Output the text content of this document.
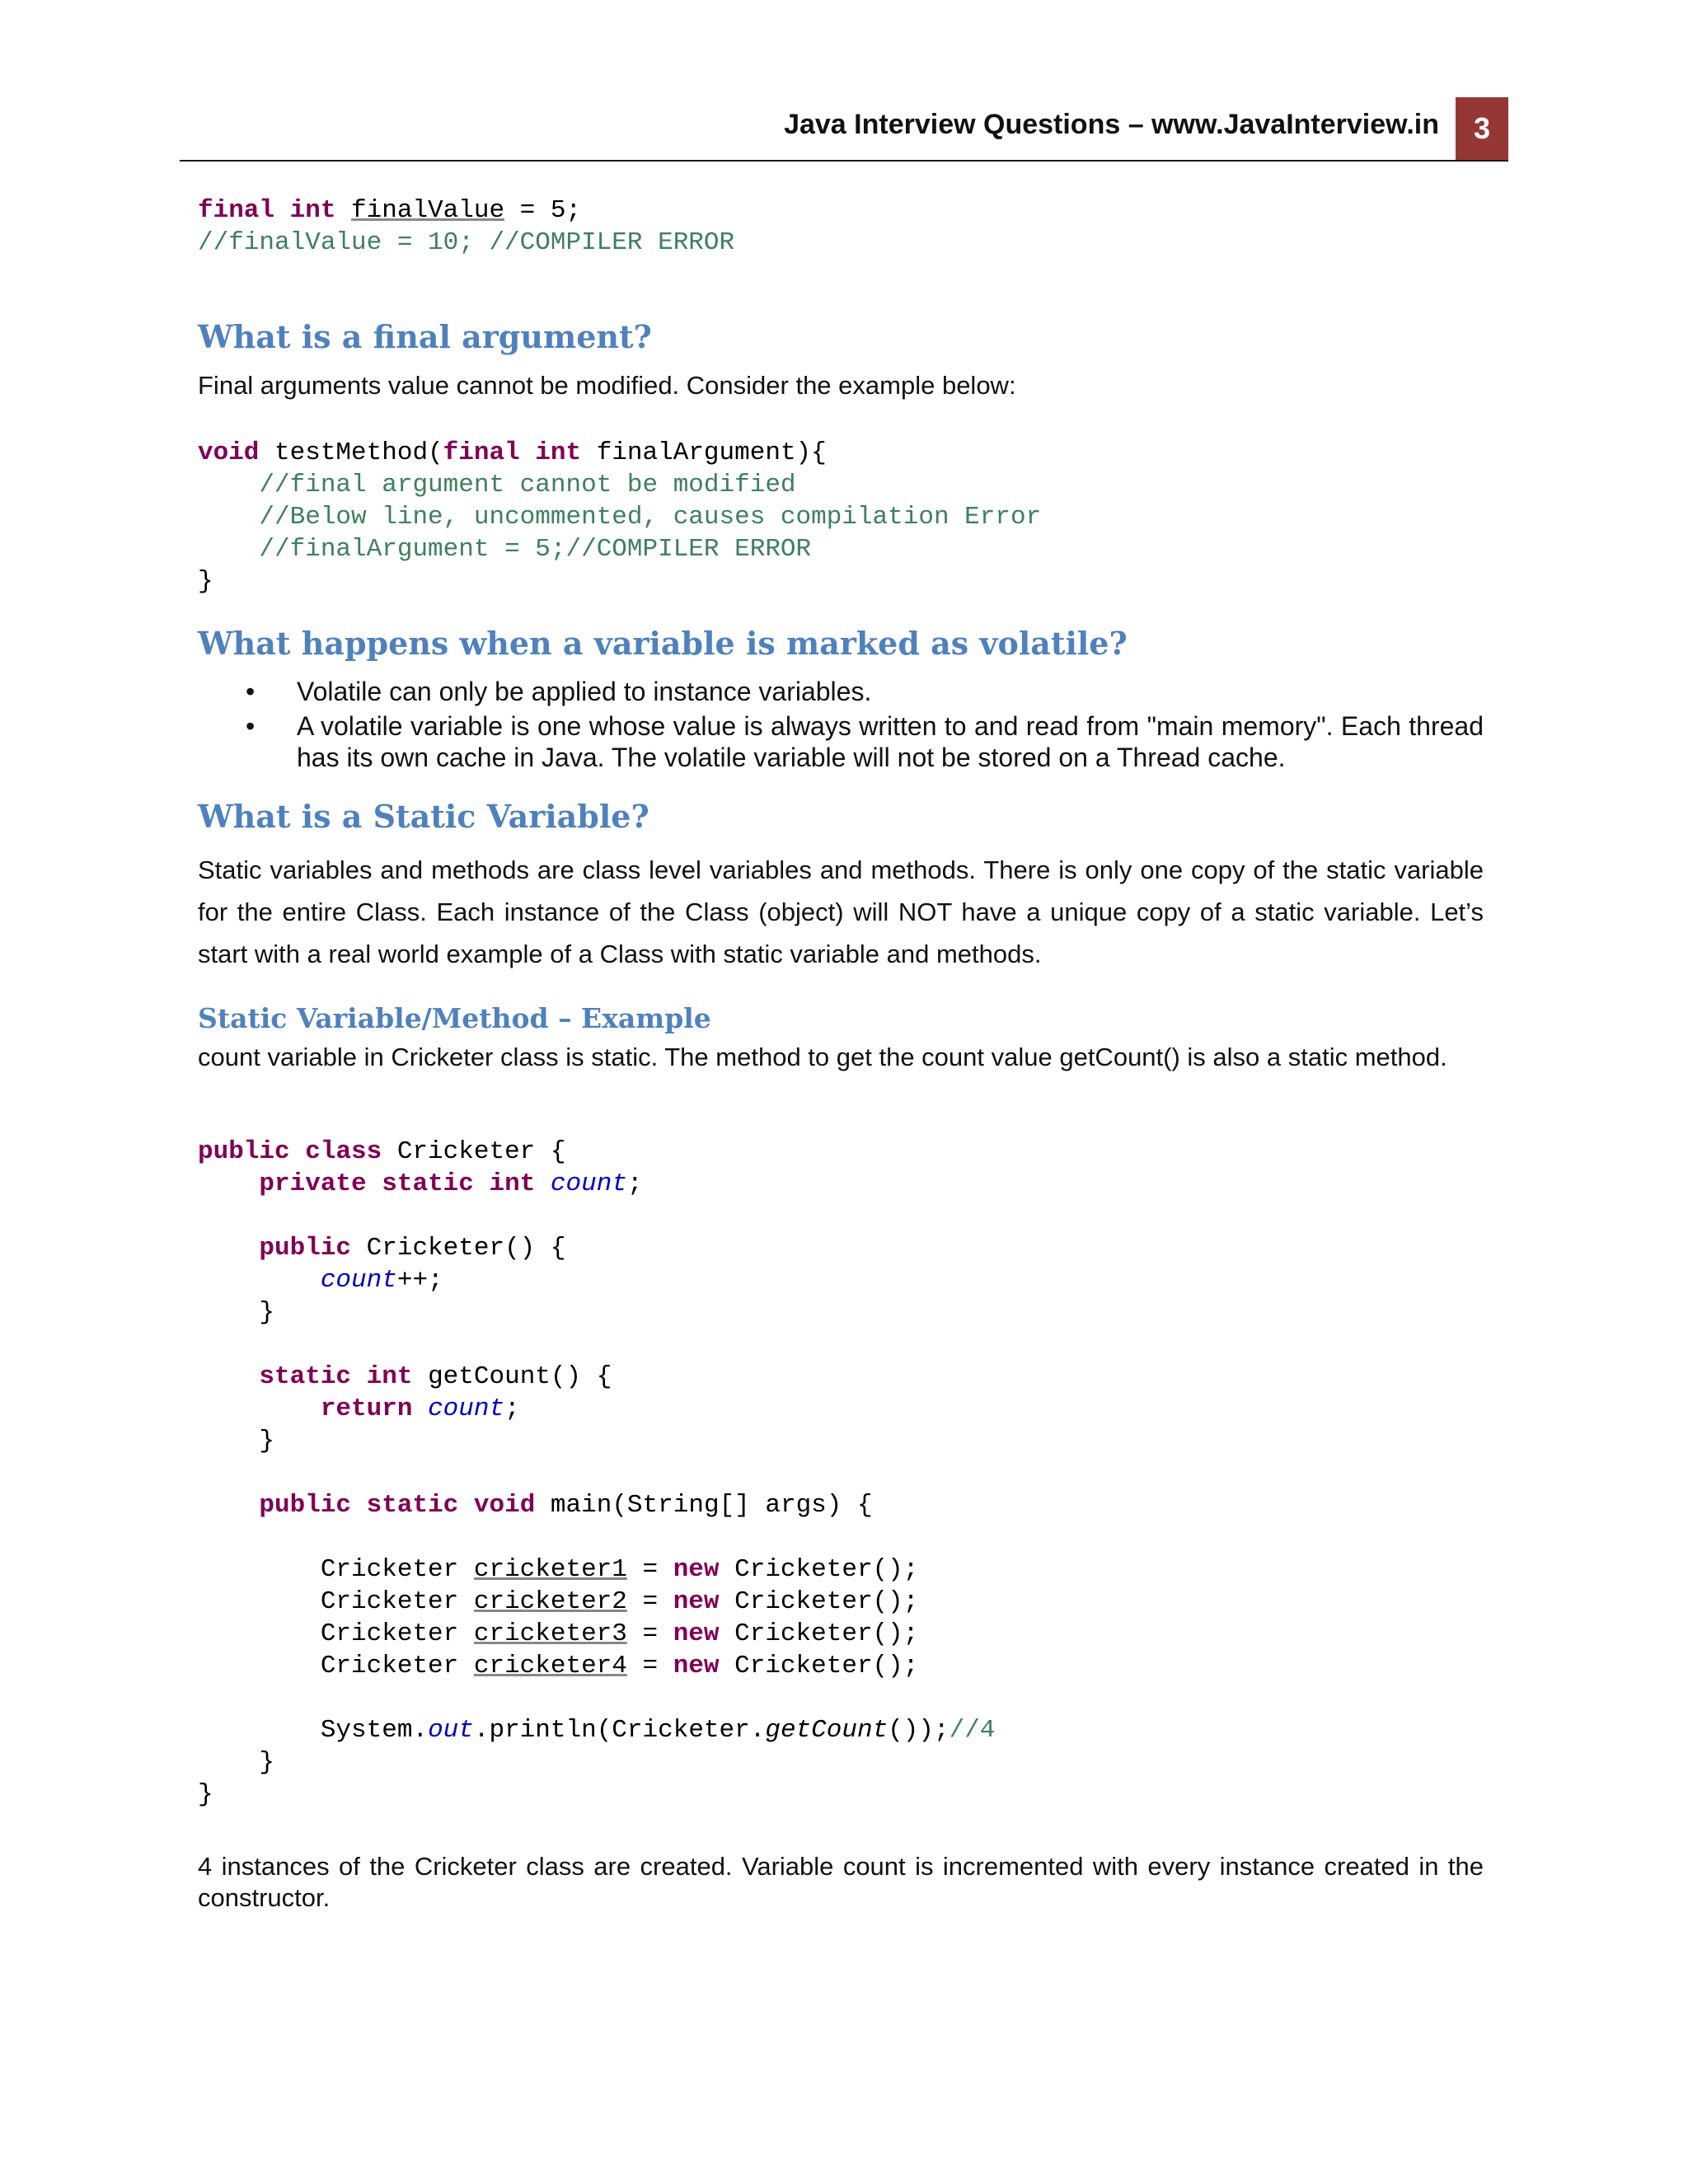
Java Interview Questions – www.JavaInterview.in	3
final int finalValue = 5;
//finalValue = 10; //COMPILER ERROR
What is a final argument?

Final arguments value cannot be modified. Consider the example below:

void testMethod(final int finalArgument){
//final argument cannot be modified
//Below line, uncommented, causes compilation Error
//finalArgument = 5;//COMPILER ERROR
}
What happens when a variable is marked as volatile?
• Volatile can only be applied to instance variables.
• A volatile variable is one whose value is always written to and read from "main memory". Each thread has its own cache in Java. The volatile variable will not be stored on a Thread cache.
What is a Static Variable?

Static variables and methods are class level variables and methods. There is only one copy of the static variable for the entire Class. Each instance of the Class (object) will NOT have a unique copy of a static variable. Let’s start with a real world example of a Class with static variable and methods.

Static Variable/Method – Example

count variable in Cricketer class is static. The method to get the count value getCount() is also a static method.

public class Cricketer {
private static int count;

public Cricketer() {
count++;
}

static int getCount() {
return count;
}

public static void main(String[] args) {

Cricketer cricketer1 = new Cricketer();
Cricketer cricketer2 = new Cricketer();
Cricketer cricketer3 = new Cricketer();
Cricketer cricketer4 = new Cricketer();

System.out.println(Cricketer.getCount());//4
}
}

4 instances of the Cricketer class are created. Variable count is incremented with every instance created in the constructor.
